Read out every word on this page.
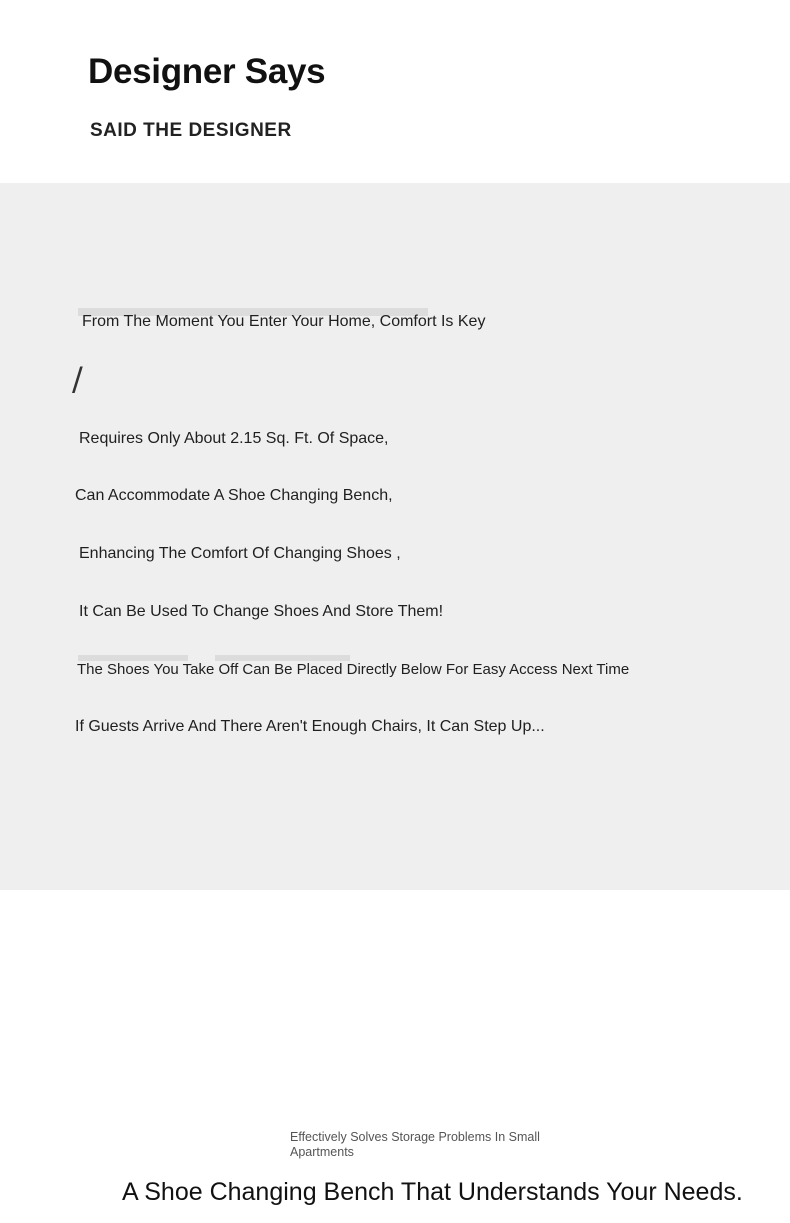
Designer Says
SAID THE DESIGNER
From The Moment You Enter Your Home, Comfort Is Key
/
Requires Only About 2.15 Sq. Ft. Of Space,
Can Accommodate A Shoe Changing Bench,
Enhancing The Comfort Of Changing Shoes ,
It Can Be Used To Change Shoes And Store Them!
The Shoes You Take Off Can Be Placed Directly Below For Easy Access Next Time
If Guests Arrive And There Aren't Enough Chairs, It Can Step Up...
Effectively Solves Storage Problems In Small Apartments
A Shoe Changing Bench That Understands Your Needs.
